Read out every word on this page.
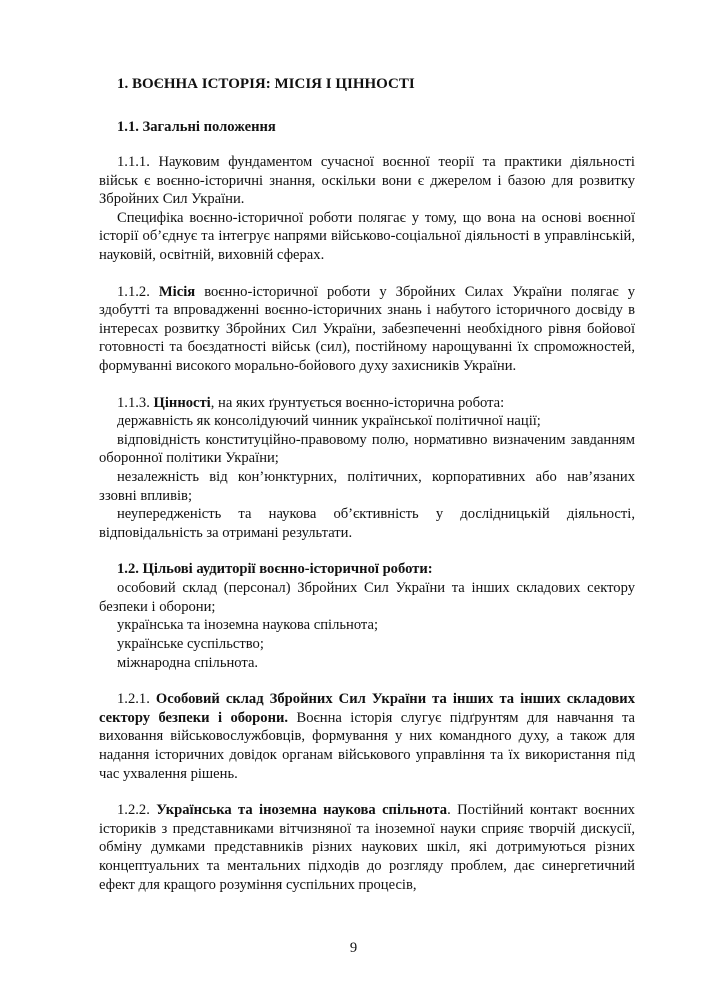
1. ВОЄННА ІСТОРІЯ: МІСІЯ І ЦІННОСТІ
1.1. Загальні положення

1.1.1. Науковим фундаментом сучасної воєнної теорії та практики діяльності військ є воєнно-історичні знання, оскільки вони є джерелом і базою для розвитку Збройних Сил України.

Специфіка воєнно-історичної роботи полягає у тому, що вона на основі воєнної історії об’єднує та інтегрує напрями військово-соціальної діяльності в управлінській, науковій, освітній, виховній сферах.

1.1.2. Місія воєнно-історичної роботи у Збройних Силах України полягає у здобутті та впровадженні воєнно-історичних знань і набутого історичного досвіду в інтересах розвитку Збройних Сил України, забезпеченні необхідного рівня бойової готовності та боєздатності військ (сил), постійному нарощуванні їх спроможностей, формуванні високого морально-бойового духу захисників України.

1.1.3. Цінності, на яких ґрунтується воєнно-історична робота:

державність як консолідуючий чинник української політичної нації;

відповідність конституційно-правовому полю, нормативно визначеним завданням оборонної політики України;

незалежність від кон’юнктурних, політичних, корпоративних або нав’язаних ззовні впливів;

неупередженість та наукова об’єктивність у дослідницькій діяльності, відповідальність за отримані результати.

1.2. Цільові аудиторії воєнно-історичної роботи:

особовий склад (персонал) Збройних Сил України та інших складових сектору безпеки і оборони;

українська та іноземна наукова спільнота;

українське суспільство;

міжнародна спільнота.

1.2.1. Особовий склад Збройних Сил України та інших та інших складових сектору безпеки і оборони. Воєнна історія слугує підґрунтям для навчання та виховання військовослужбовців, формування у них командного духу, а також для надання історичних довідок органам військового управління та їх використання під час ухвалення рішень.

1.2.2. Українська та іноземна наукова спільнота. Постійний контакт воєнних істориків з представниками вітчизняної та іноземної науки сприяє творчій дискусії, обміну думками представників різних наукових шкіл, які дотримуються різних концептуальних та ментальних підходів до розгляду проблем, дає синергетичний ефект для кращого розуміння суспільних процесів,

9
